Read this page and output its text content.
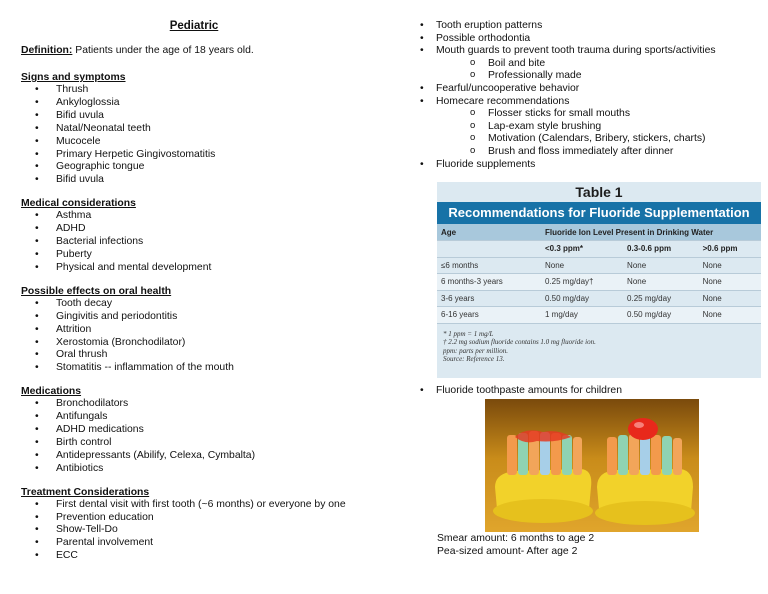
Pediatric
Definition: Patients under the age of 18 years old.
Signs and symptoms
• Thrush
• Ankyloglossia
• Bifid uvula
• Natal/Neonatal teeth
• Mucocele
• Primary Herpetic Gingivostomatitis
• Geographic tongue
• Bifid uvula
Medical considerations
• Asthma
• ADHD
• Bacterial infections
• Puberty
• Physical and mental development
Possible effects on oral health
• Tooth decay
• Gingivitis and periodontitis
• Attrition
• Xerostomia (Bronchodilator)
• Oral thrush
• Stomatitis -- inflammation of the mouth
Medications
• Bronchodilators
• Antifungals
• ADHD medications
• Birth control
• Antidepressants (Abilify, Celexa, Cymbalta)
• Antibiotics
Treatment Considerations
• First dental visit with first tooth (~6 months) or everyone by one
• Prevention education
• Show-Tell-Do
• Parental involvement
• ECC
• Tooth eruption patterns
• Possible orthodontia
• Mouth guards to prevent tooth trauma during sports/activities
o Boil and bite
o Professionally made
• Fearful/uncooperative behavior
• Homecare recommendations
o Flosser sticks for small mouths
o Lap-exam style brushing
o Motivation (Calendars, Bribery, stickers, charts)
o Brush and floss immediately after dinner
• Fluoride supplements
• Fluoride toothpaste amounts for children
Table 1
Recommendations for Fluoride Supplementation
Age	Fluoride Ion Level Present in Drinking Water		
	<0.3 ppm*	0.3-0.6 ppm	>0.6 ppm
≤6 months	None	None	None
6 months-3 years	0.25 mg/day†	None	None
3-6 years	0.50 mg/day	0.25 mg/day	None
6-16 years	1 mg/day	0.50 mg/day	None
* 1 ppm = 1 mg/L
† 2.2 mg sodium fluoride contains 1.0 mg fluoride ion.
ppm: parts per million.
Source: Reference 13.
Smear amount: 6 months to age 2
Pea-sized amount- After age 2
